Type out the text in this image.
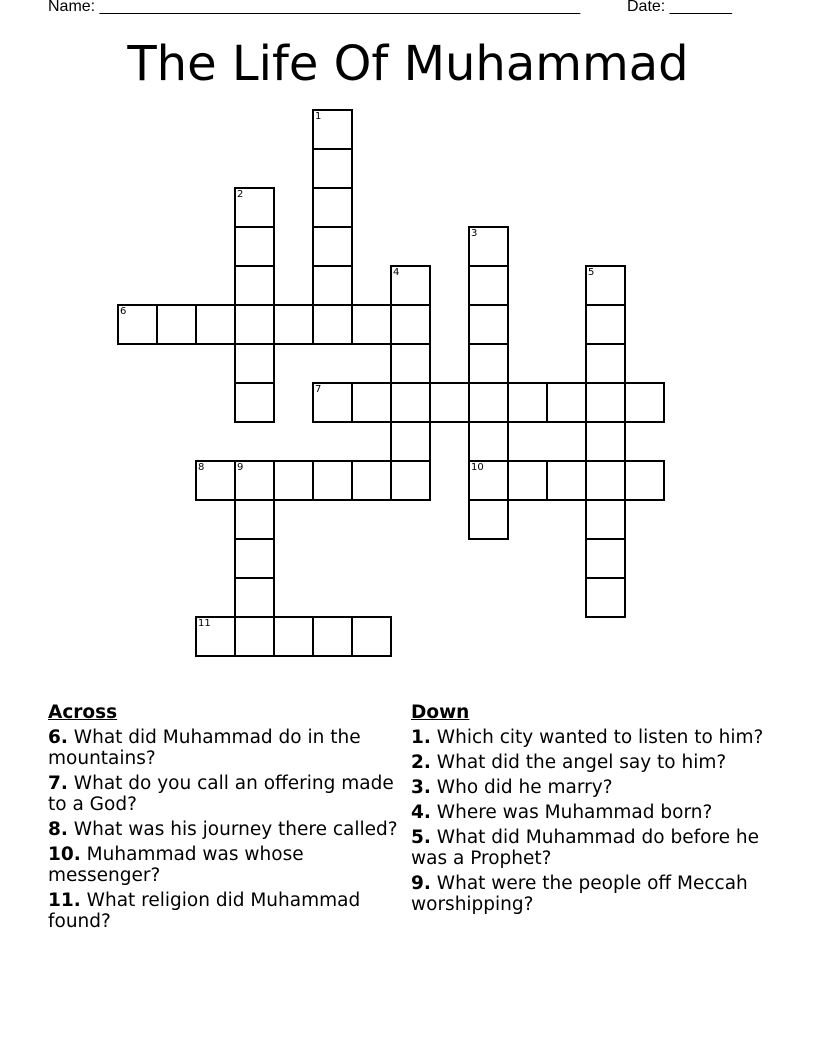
Name: ______________________________________________________	Date: _______
The Life Of Muhammad
1
2
3
10
4	5
9
6
7
8
11
Across
6. What did Muhammad do in the mountains?
7. What do you call an offering made to a God?
8. What was his journey there called?
10. Muhammad was whose messenger?
11. What religion did Muhammad found?
Down
1. Which city wanted to listen to him?
2. What did the angel say to him?
3. Who did he marry?
4. Where was Muhammad born?
5. What did Muhammad do before he was a Prophet?
9. What were the people off Meccah worshipping?
